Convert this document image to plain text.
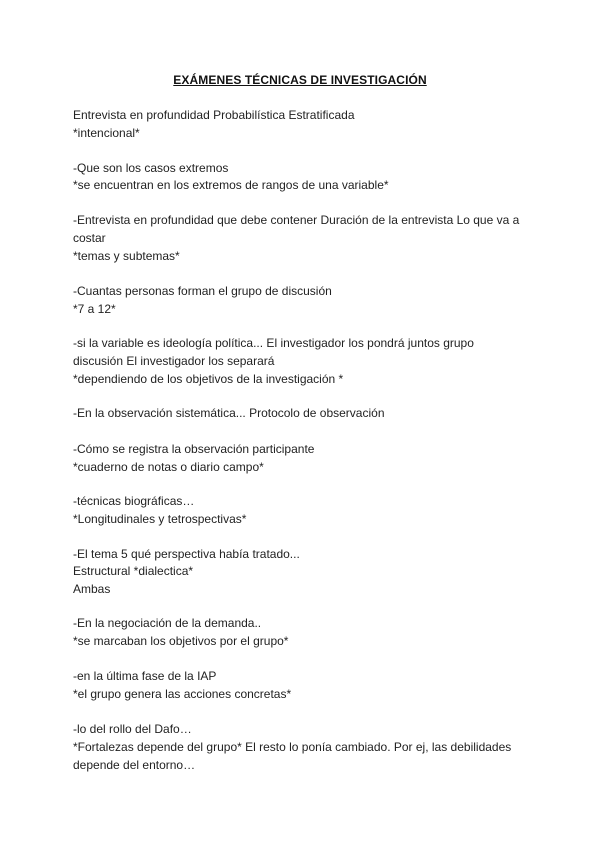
EXÁMENES TÉCNICAS DE INVESTIGACIÓN
Entrevista en profundidad Probabilística Estratificada
*intencional*
-Que son los casos extremos
*se encuentran en los extremos de rangos de una variable*
-Entrevista en profundidad que debe contener Duración de la entrevista Lo que va a
costar
*temas y subtemas*
-Cuantas personas forman el grupo de discusión
*7 a 12*
-si la variable es ideología política... El investigador los pondrá juntos grupo
discusión El investigador los separará
*dependiendo de los objetivos de la investigación *
-En la observación sistemática... Protocolo de observación
-Cómo se registra la observación participante
*cuaderno de notas o diario campo*
-técnicas biográficas…
*Longitudinales y tetrospectivas*
-El tema 5 qué perspectiva había tratado...
Estructural *dialectica*
Ambas
-En la negociación de la demanda..
*se marcaban los objetivos por el grupo*
-en la última fase de la IAP
*el grupo genera las acciones concretas*
-lo del rollo del Dafo…
*Fortalezas depende del grupo* El resto lo ponía cambiado. Por ej, las debilidades
depende del entorno…
